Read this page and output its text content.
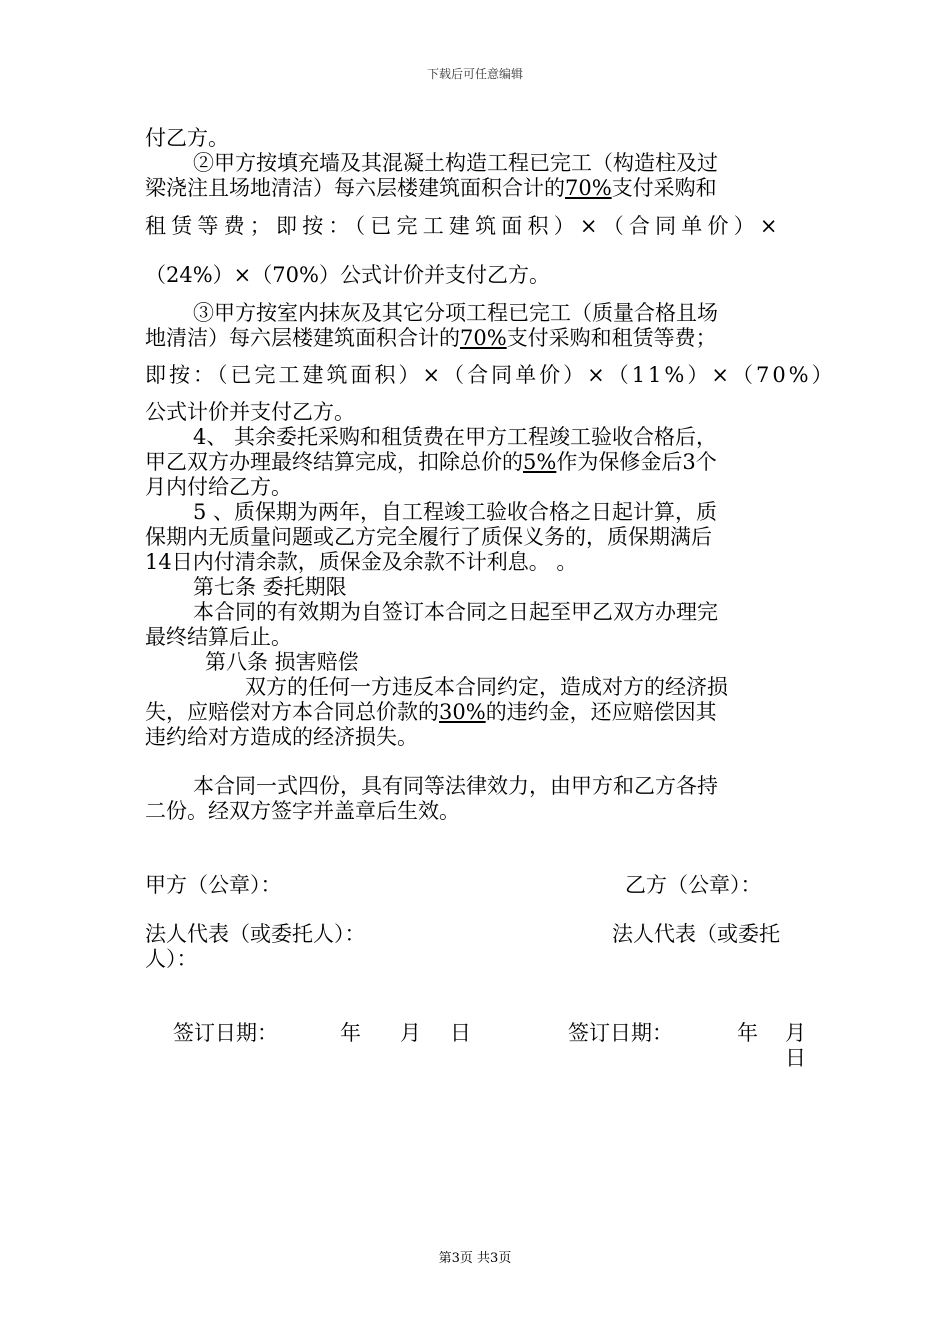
下载后可任意编辑
付乙方。
②甲方按填充墙及其混凝土构造工程已完工（构造柱及过
梁浇注且场地清洁）每六层楼建筑面积合计的70%支付采购和
租赁等费；即按：（已完工建筑面积）×（合同单价）×
（24%）×（70%）公式计价并支付乙方。
③甲方按室内抹灰及其它分项工程已完工（质量合格且场
地清洁）每六层楼建筑面积合计的70%支付采购和租赁等费；
即按：（已完工建筑面积）×（合同单价）×（11%）×（70%）
公式计价并支付乙方。
4、 其余委托采购和租赁费在甲方工程竣工验收合格后，
甲乙双方办理最终结算完成，扣除总价的5%作为保修金后3个
月内付给乙方。
5 、质保期为两年，自工程竣工验收合格之日起计算，质
保期内无质量问题或乙方完全履行了质保义务的，质保期满后
14日内付清余款，质保金及余款不计利息。 。
第七条 委托期限
本合同的有效期为自签订本合同之日起至甲乙双方办理完
最终结算后止。
第八条 损害赔偿
双方的任何一方违反本合同约定，造成对方的经济损
失，应赔偿对方本合同总价款的30%的违约金，还应赔偿因其
违约给对方造成的经济损失。
本合同一式四份，具有同等法律效力，由甲方和乙方各持
二份。经双方签字并盖章后生效。
甲方（公章）：	乙方（公章）：
法人代表（或委托人）：	法人代表（或委托
人）：
签订日期：	年 月 日	签订日期：	年 月
日
第3页 共3页
